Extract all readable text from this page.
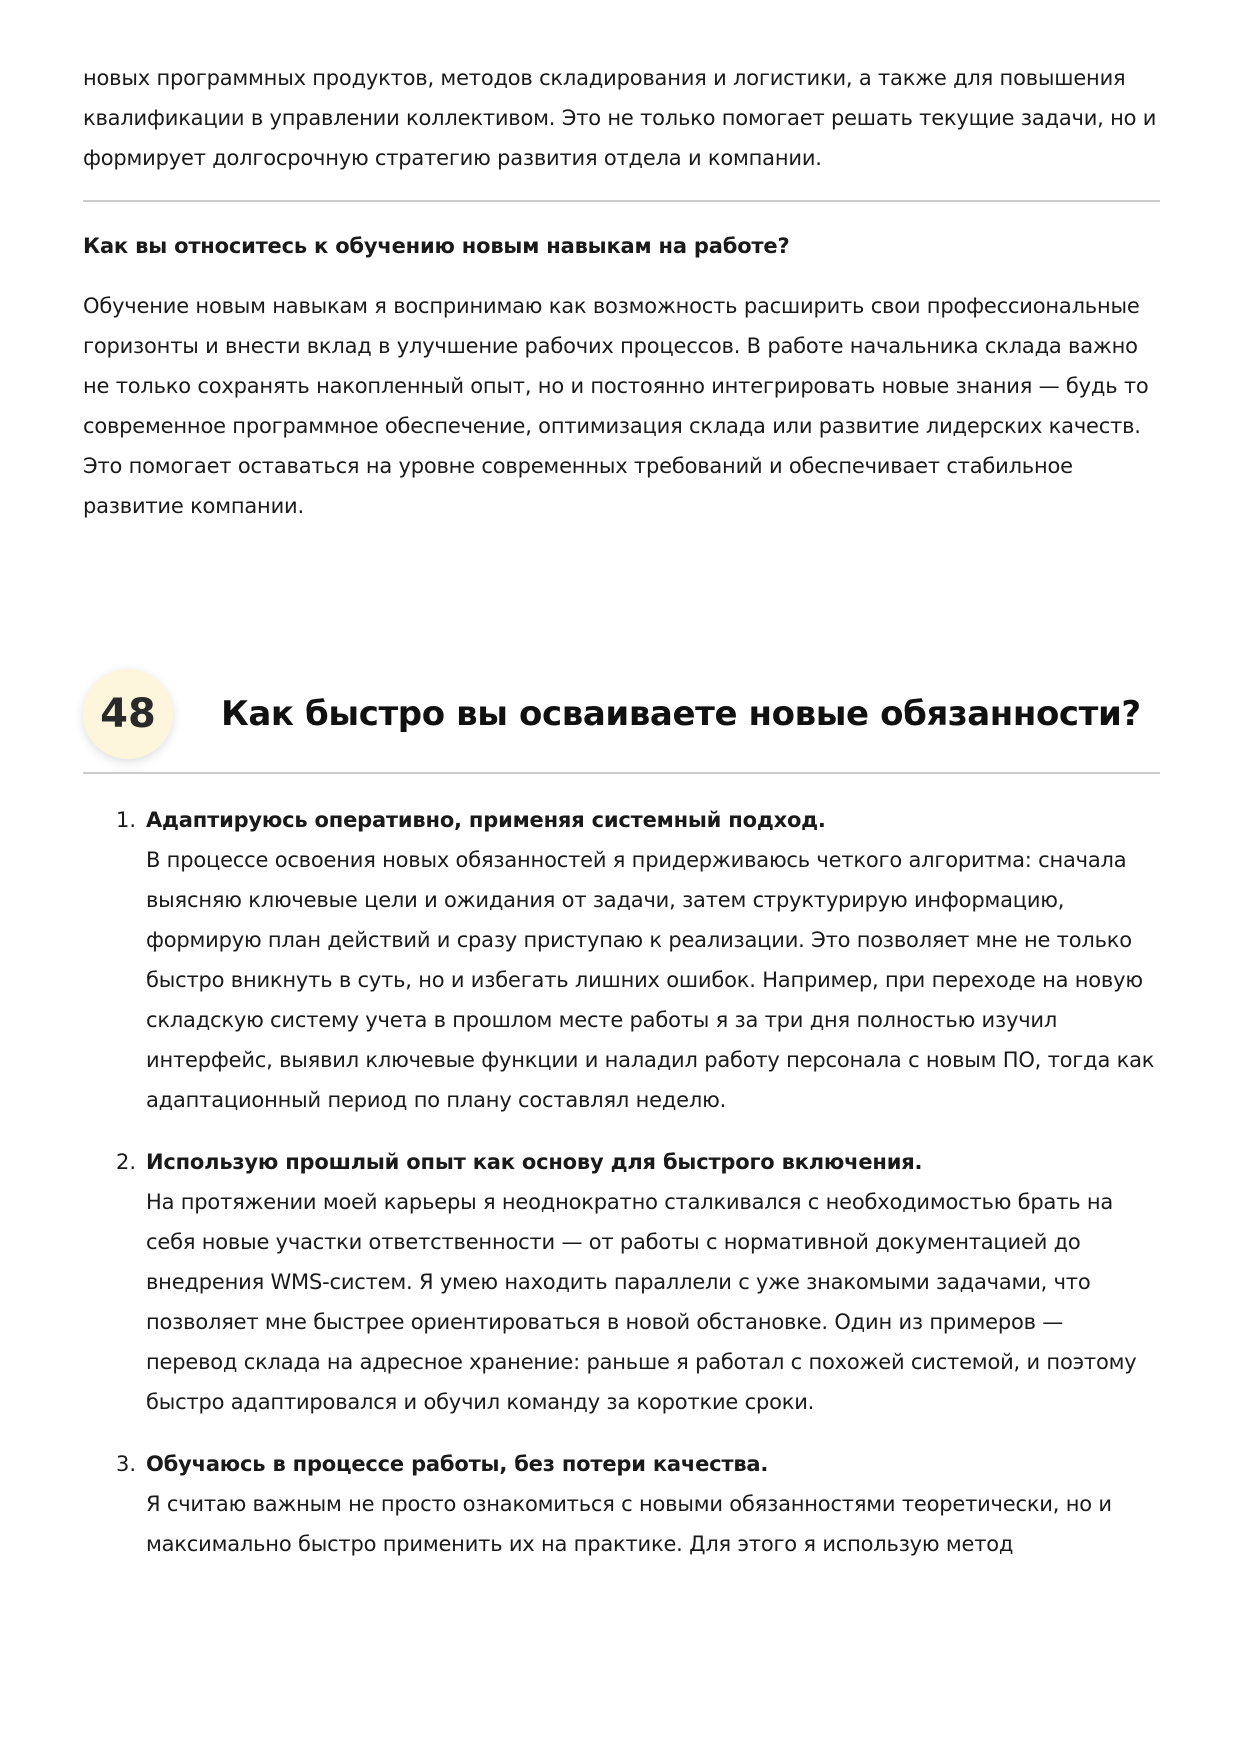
новых программных продуктов, методов складирования и логистики, а также для повышения квалификации в управлении коллективом. Это не только помогает решать текущие задачи, но и формирует долгосрочную стратегию развития отдела и компании.

Как вы относитесь к обучению новым навыкам на работе?

Обучение новым навыкам я воспринимаю как возможность расширить свои профессиональные горизонты и внести вклад в улучшение рабочих процессов. В работе начальника склада важно не только сохранять накопленный опыт, но и постоянно интегрировать новые знания — будь то современное программное обеспечение, оптимизация склада или развитие лидерских качеств. Это помогает оставаться на уровне современных требований и обеспечивает стабильное развитие компании.

48	Как быстро вы осваиваете новые обязанности?
1. Адаптируюсь оперативно, применяя системный подход.

В процессе освоения новых обязанностей я придерживаюсь четкого алгоритма: сначала выясняю ключевые цели и ожидания от задачи, затем структурирую информацию, формирую план действий и сразу приступаю к реализации. Это позволяет мне не только быстро вникнуть в суть, но и избегать лишних ошибок. Например, при переходе на новую складскую систему учета в прошлом месте работы я за три дня полностью изучил интерфейс, выявил ключевые функции и наладил работу персонала с новым ПО, тогда как адаптационный период по плану составлял неделю.

2. Использую прошлый опыт как основу для быстрого включения.

На протяжении моей карьеры я неоднократно сталкивался с необходимостью брать на себя новые участки ответственности — от работы с нормативной документацией до внедрения WMS-систем. Я умею находить параллели с уже знакомыми задачами, что позволяет мне быстрее ориентироваться в новой обстановке. Один из примеров — перевод склада на адресное хранение: раньше я работал с похожей системой, и поэтому быстро адаптировался и обучил команду за короткие сроки.

3. Обучаюсь в процессе работы, без потери качества.

Я считаю важным не просто ознакомиться с новыми обязанностями теоретически, но и максимально быстро применить их на практике. Для этого я использую метод
